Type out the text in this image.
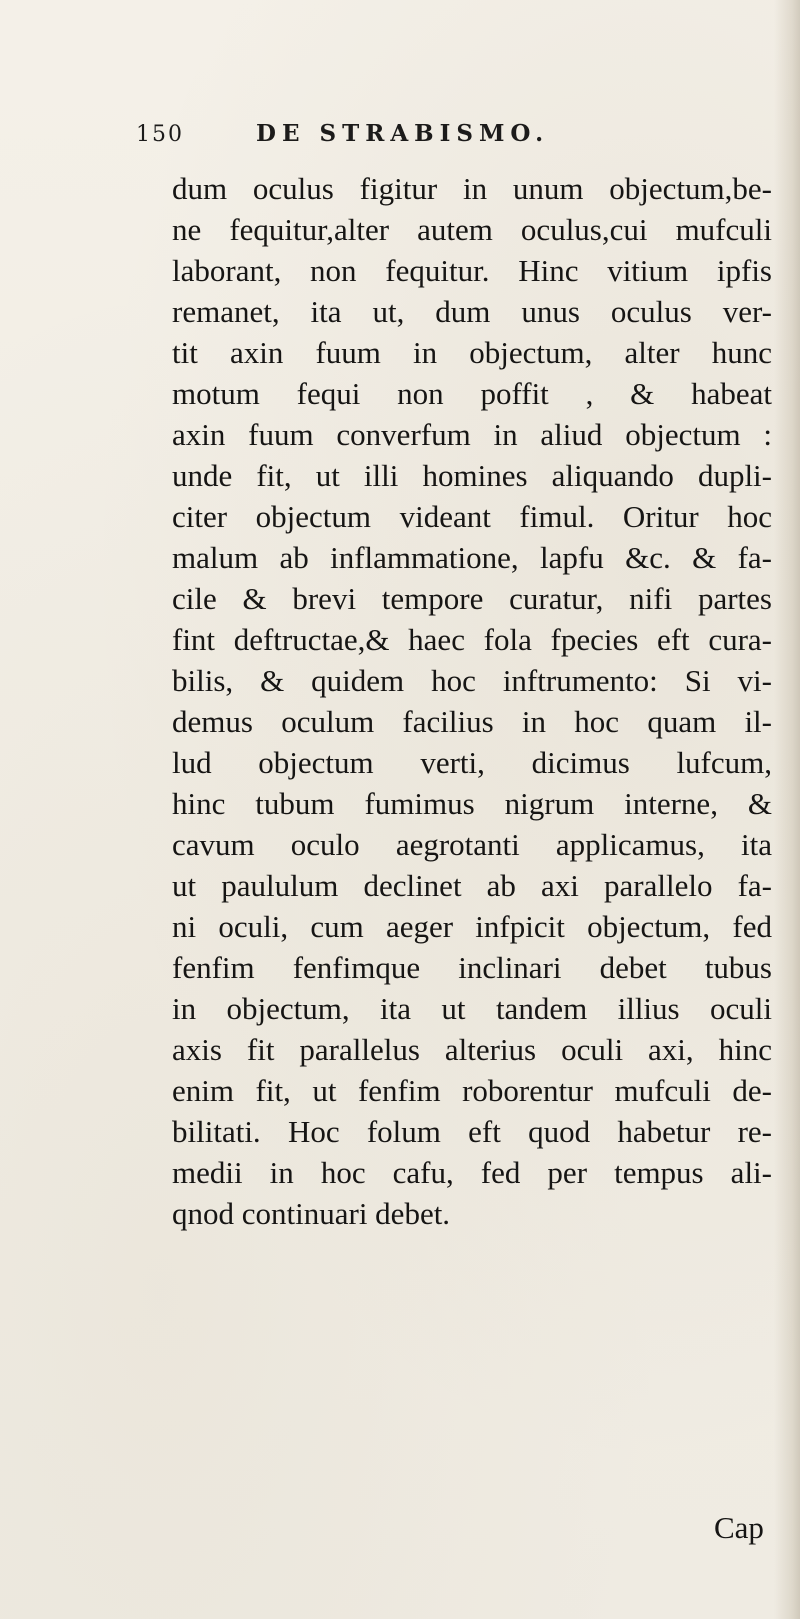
150	DE STRABISMO.
dum oculus figitur in unum objectum,be-
ne fequitur,alter autem oculus,cui mufculi
laborant, non fequitur. Hinc vitium ipfis
remanet, ita ut, dum unus oculus ver-
tit axin fuum in objectum, alter hunc
motum fequi non poffit , & habeat
axin fuum converfum in aliud objectum :
unde fit, ut illi homines aliquando dupli-
citer objectum videant fimul. Oritur hoc
malum ab inflammatione, lapfu &c. & fa-
cile & brevi tempore curatur, nifi partes
fint deftructae,& haec fola fpecies eft cura-
bilis, & quidem hoc inftrumento: Si vi-
demus oculum facilius in hoc quam il-
lud objectum verti, dicimus lufcum,
hinc tubum fumimus nigrum interne, &
cavum oculo aegrotanti applicamus, ita
ut paululum declinet ab axi parallelo fa-
ni oculi, cum aeger infpicit objectum, fed
fenfim fenfimque inclinari debet tubus
in objectum, ita ut tandem illius oculi
axis fit parallelus alterius oculi axi, hinc
enim fit, ut fenfim roborentur mufculi de-
bilitati. Hoc folum eft quod habetur re-
medii in hoc cafu, fed per tempus ali-
qnod continuari debet.
Cap
